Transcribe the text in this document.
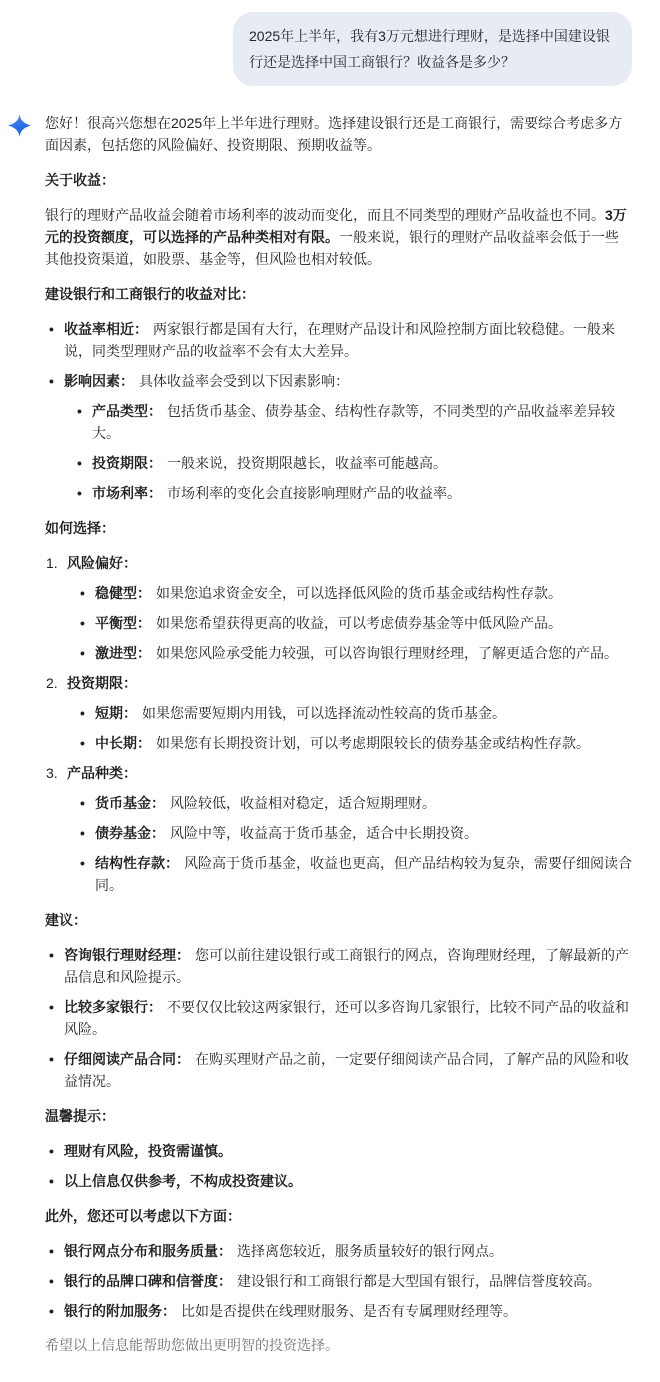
2025年上半年，我有3万元想进行理财，是选择中国建设银行还是选择中国工商银行？收益各是多少？

您好！很高兴您想在2025年上半年进行理财。选择建设银行还是工商银行，需要综合考虑多方面因素，包括您的风险偏好、投资期限、预期收益等。

关于收益：

银行的理财产品收益会随着市场利率的波动而变化，而且不同类型的理财产品收益也不同。3万元的投资额度，可以选择的产品种类相对有限。一般来说，银行的理财产品收益率会低于一些其他投资渠道，如股票、基金等，但风险也相对较低。

建设银行和工商银行的收益对比：
• 收益率相近： 两家银行都是国有大行，在理财产品设计和风险控制方面比较稳健。一般来说，同类型理财产品的收益率不会有太大差异。
• 影响因素： 具体收益率会受到以下因素影响：
• 产品类型： 包括货币基金、债券基金、结构性存款等，不同类型的产品收益率差异较大。
• 投资期限： 一般来说，投资期限越长，收益率可能越高。
• 市场利率： 市场利率的变化会直接影响理财产品的收益率。
如何选择：
1. 风险偏好：
• 稳健型： 如果您追求资金安全，可以选择低风险的货币基金或结构性存款。
• 平衡型： 如果您希望获得更高的收益，可以考虑债券基金等中低风险产品。
• 激进型： 如果您风险承受能力较强，可以咨询银行理财经理，了解更适合您的产品。
2. 投资期限：
• 短期： 如果您需要短期内用钱，可以选择流动性较高的货币基金。
• 中长期： 如果您有长期投资计划，可以考虑期限较长的债券基金或结构性存款。
3. 产品种类：
• 货币基金： 风险较低，收益相对稳定，适合短期理财。
• 债券基金： 风险中等，收益高于货币基金，适合中长期投资。
• 结构性存款： 风险高于货币基金，收益也更高，但产品结构较为复杂，需要仔细阅读合同。
建议：
• 咨询银行理财经理： 您可以前往建设银行或工商银行的网点，咨询理财经理，了解最新的产品信息和风险提示。
• 比较多家银行： 不要仅仅比较这两家银行，还可以多咨询几家银行，比较不同产品的收益和风险。
• 仔细阅读产品合同： 在购买理财产品之前，一定要仔细阅读产品合同，了解产品的风险和收益情况。
温馨提示：
• 理财有风险，投资需谨慎。
• 以上信息仅供参考，不构成投资建议。
此外，您还可以考虑以下方面：
• 银行网点分布和服务质量： 选择离您较近，服务质量较好的银行网点。
• 银行的品牌口碑和信誉度： 建设银行和工商银行都是大型国有银行，品牌信誉度较高。
• 银行的附加服务： 比如是否提供在线理财服务、是否有专属理财经理等。

希望以上信息能帮助您做出更明智的投资选择。
